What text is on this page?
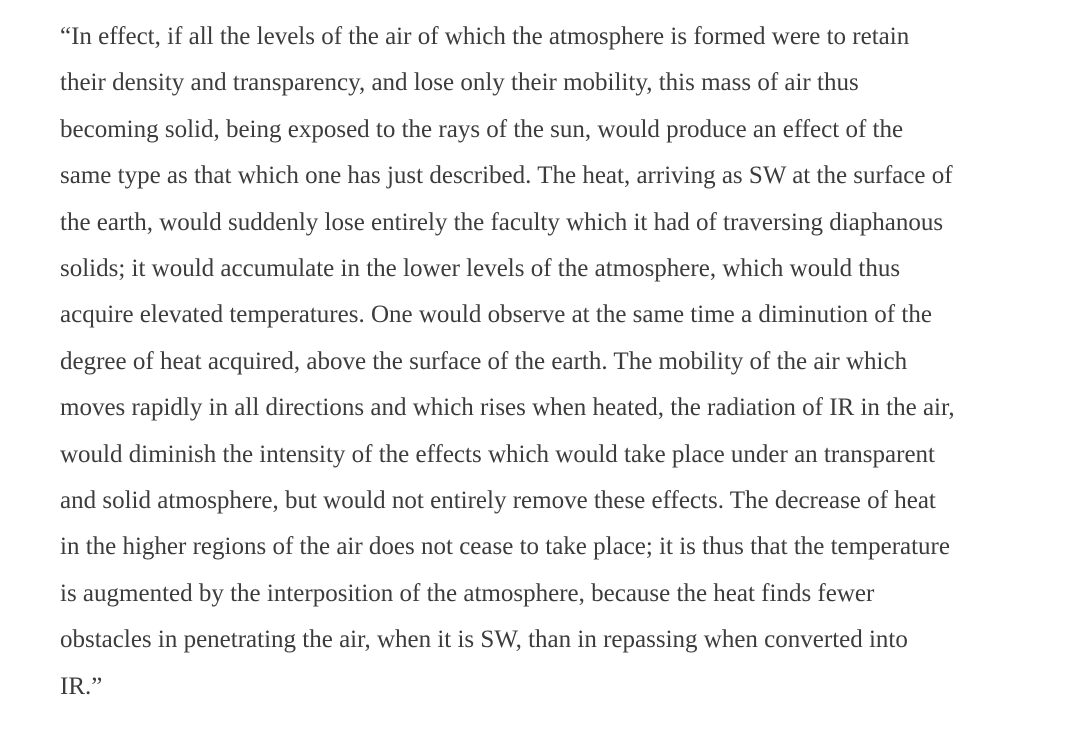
“In effect, if all the levels of the air of which the atmosphere is formed were to retain
their density and transparency, and lose only their mobility, this mass of air thus
becoming solid, being exposed to the rays of the sun, would produce an effect of the
same type as that which one has just described. The heat, arriving as SW at the surface of
the earth, would suddenly lose entirely the faculty which it had of traversing diaphanous
solids; it would accumulate in the lower levels of the atmosphere, which would thus
acquire elevated temperatures. One would observe at the same time a diminution of the
degree of heat acquired, above the surface of the earth. The mobility of the air which
moves rapidly in all directions and which rises when heated, the radiation of IR in the air,
would diminish the intensity of the effects which would take place under an transparent
and solid atmosphere, but would not entirely remove these effects. The decrease of heat
in the higher regions of the air does not cease to take place; it is thus that the temperature
is augmented by the interposition of the atmosphere, because the heat finds fewer
obstacles in penetrating the air, when it is SW, than in repassing when converted into
IR.”
